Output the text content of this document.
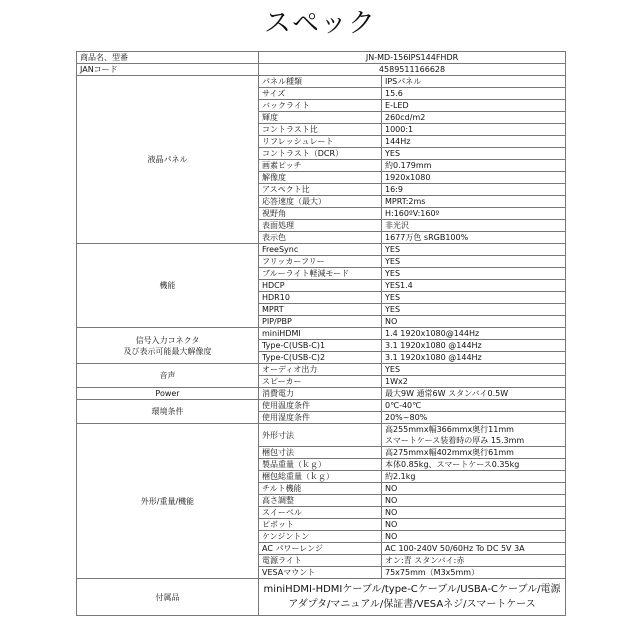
スペック
商品名、型番	JN-MD-156IPS144FHDR	
JANコード	4589511166628	
液晶パネル	パネル種類	IPSパネル
	サイズ	15.6
	バックライト	E-LED
	輝度	260cd/m2
	コントラスト比	1000:1
	リフレッシュレート	144Hz
	コントラスト（DCR）	YES
	画素ピッチ	約0.179mm
	解像度	1920x1080
	アスペクト比	16:9
	応答速度（最大）	MPRT:2ms
	視野角	H:160ºV:160º
	表面処理	非光沢
	表示色	1677万色 sRGB100%
機能	FreeSync	YES
	フリッカーフリー	YES
	ブルーライト軽減モード	YES
	HDCP	YES1.4
	HDR10	YES
	MPRT	YES
	PIP/PBP	NO
信号入力コネクタ
及び表示可能最大解像度	miniHDMI	1.4 1920x1080@144Hz
	Type-C(USB-C)1	3.1 1920x1080 @144Hz
	Type-C(USB-C)2	3.1 1920x1080 @144Hz
音声	オーディオ出力	YES
	スピーカー	1Wx2
Power	消費電力	最大9W 通常6W スタンバイ0.5W
環境条件	使用温度条件	0℃-40℃
	使用湿度条件	20%~80%
外形/重量/機能	外形寸法	高255mmx幅366mmx奥行11mm
スマートケース装着時の厚み 15.3mm
	梱包寸法	高275mmx幅402mmx奥行61mm
	製品重量（ｋｇ）	本体0.85kg、スマートケース0.35kg
	梱包総重量（ｋｇ）	約2.1kg
	チルト機能	NO
	高さ調整	NO
	スイーベル	NO
	ピボット	NO
	ケンジントン	NO
	AC パワーレンジ	AC 100-240V 50/60Hz To DC 5V 3A
	電源ライト	オン:青 スタンバイ:赤
	VESAマウント	75x75mm（M3x5mm）
付属品	miniHDMI-HDMIケーブル/type-Cケーブル/USBA-Cケーブル/電源アダプタ/マニュアル/保証書/VESAネジ/スマートケース	
